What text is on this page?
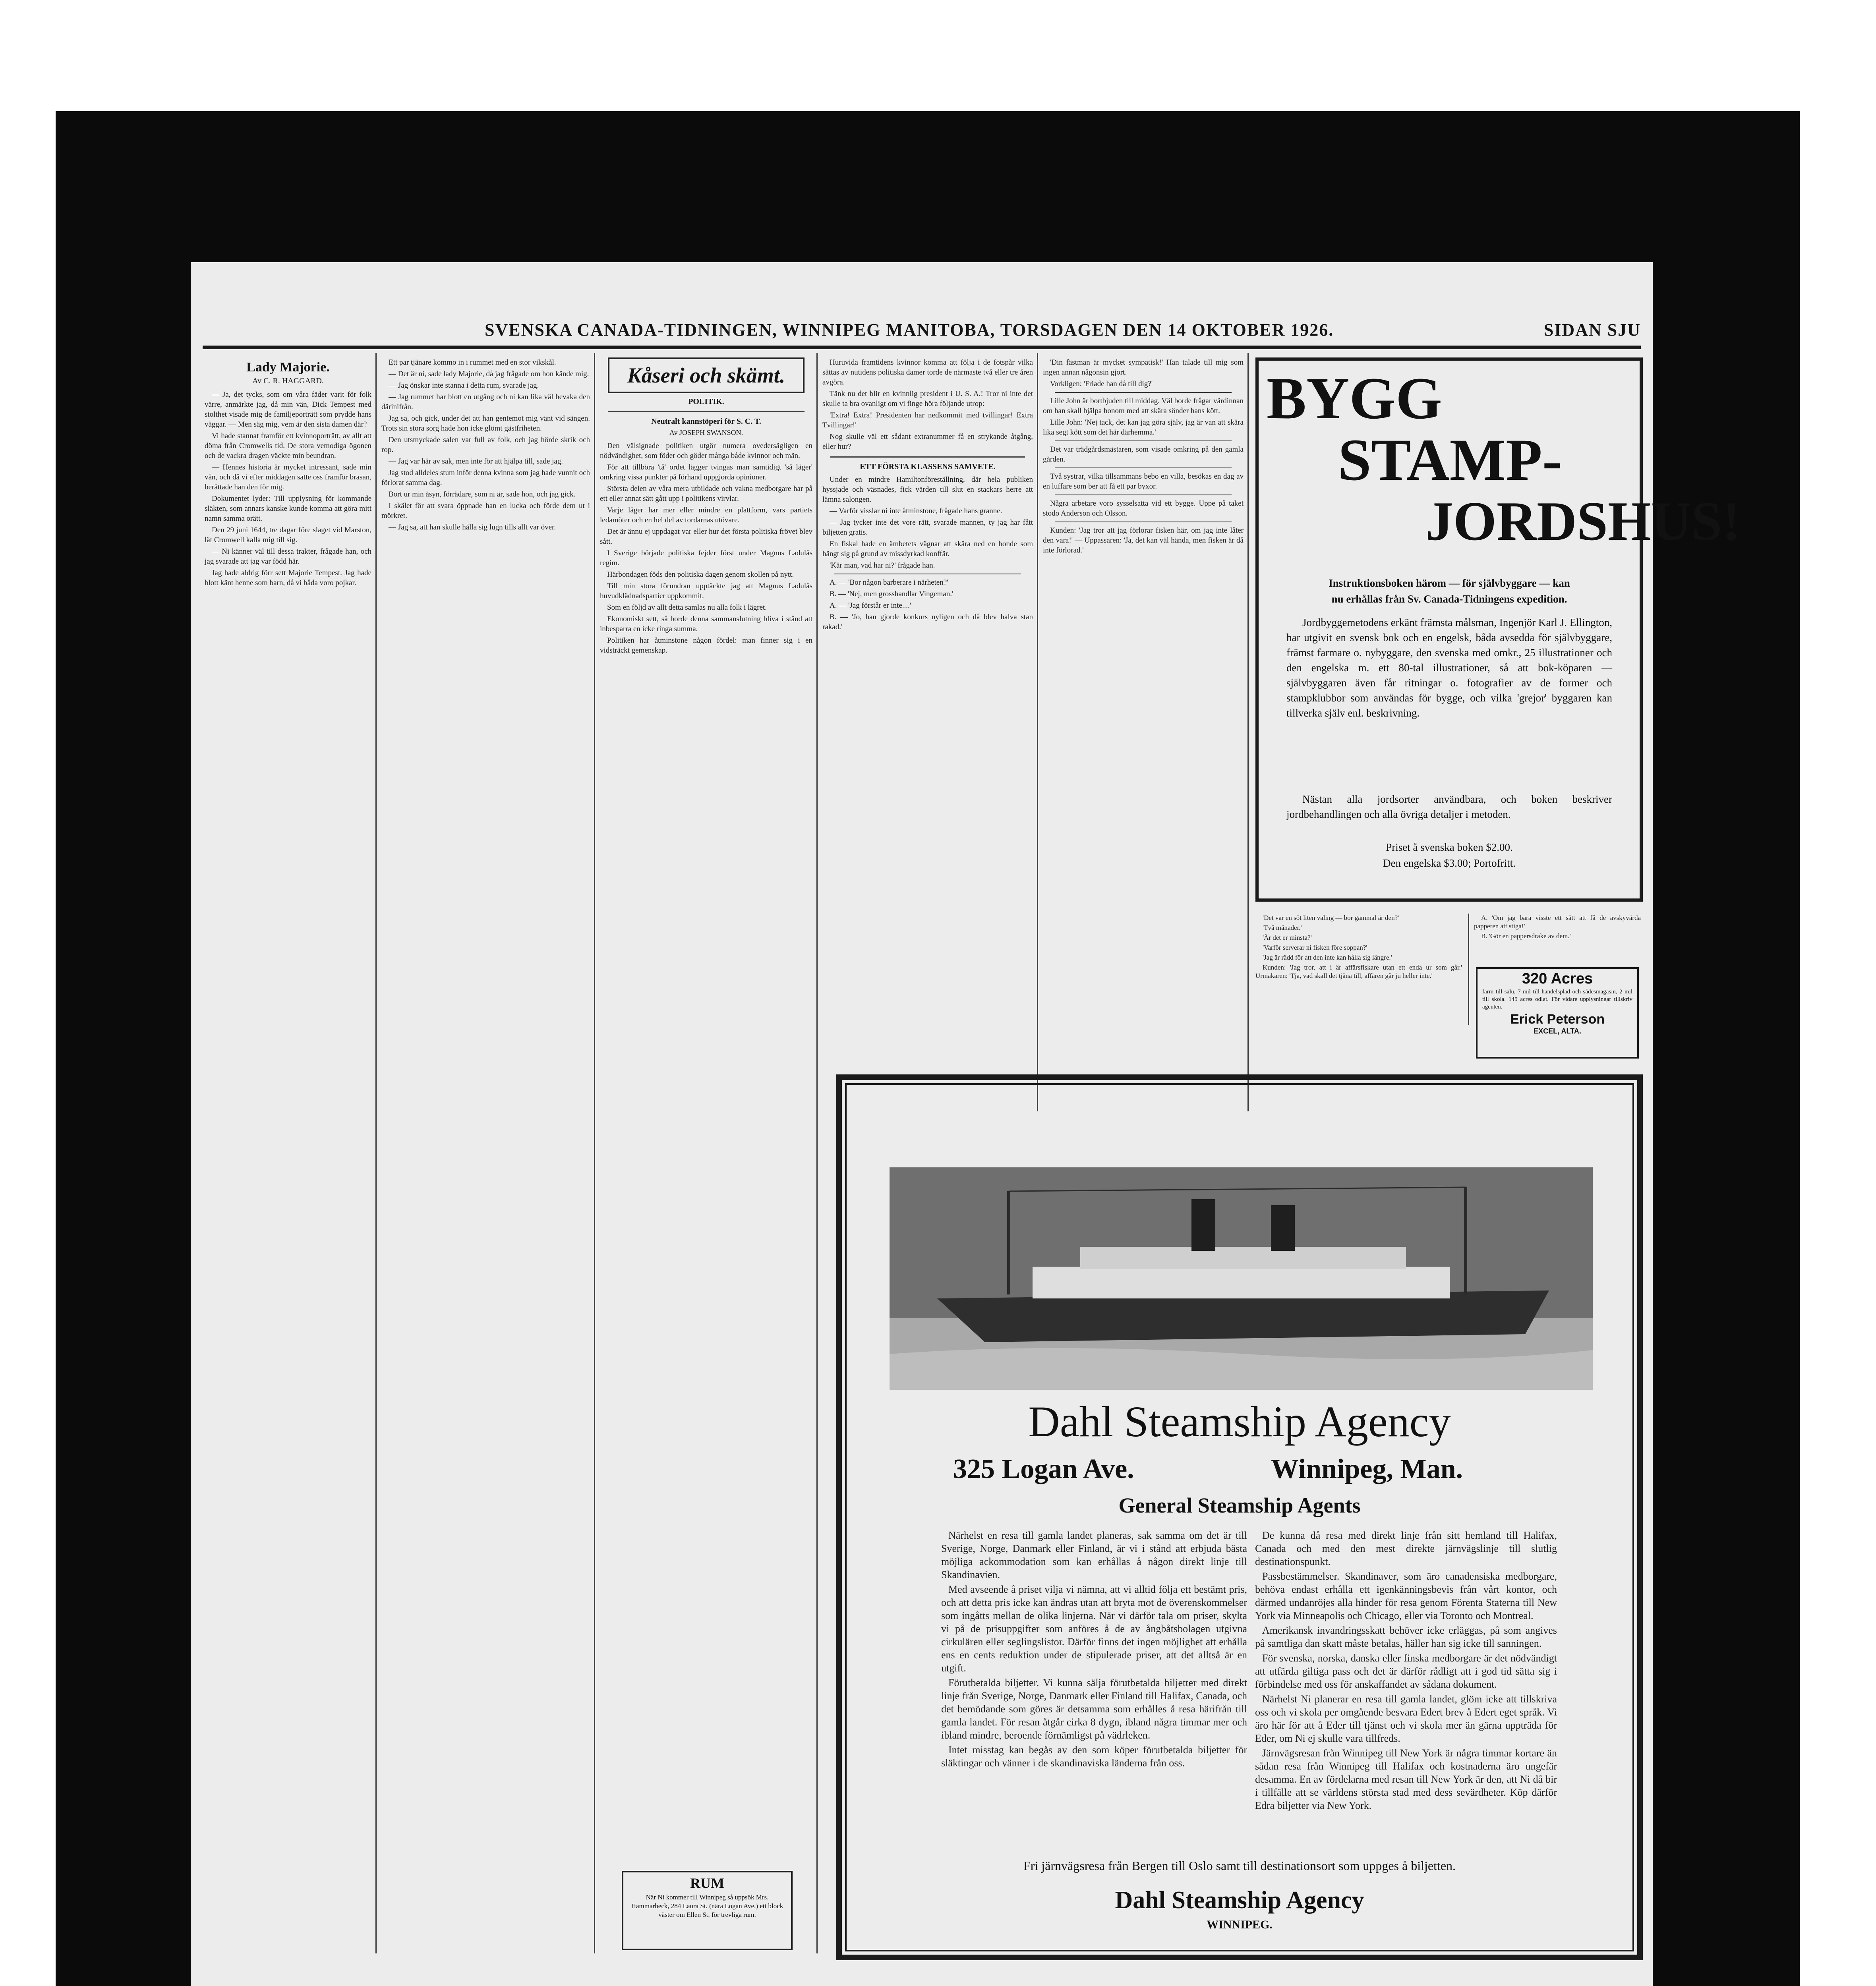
SVENSKA CANADA-TIDNINGEN, WINNIPEG MANITOBA, TORSDAGEN DEN 14 OKTOBER 1926.	SIDAN SJU
Lady Majorie.
Av C. R. HAGGARD.

— Ja, det tycks, som om våra fäder varit för folk värre, anmärkte jag, då min vän, Dick Tempest med stolthet visade mig de familjeporträtt som prydde hans väggar. — Men säg mig, vem är den sista damen där?

Vi hade stannat framför ett kvinnoporträtt, av allt att döma från Cromwells tid. De stora vemodiga ögonen och de vackra dragen väckte min beundran.

— Hennes historia är mycket intressant, sade min vän, och då vi efter middagen satte oss framför brasan, berättade han den för mig.

Dokumentet lyder: Till upplysning för kommande släkten, som annars kanske kunde komma att göra mitt namn samma orätt.

Den 29 juni 1644, tre dagar före slaget vid Marston, lät Cromwell kalla mig till sig.

— Ni känner väl till dessa trakter, frågade han, och jag svarade att jag var född här.

Jag hade aldrig förr sett Majorie Tempest. Jag hade blott känt henne som barn, då vi båda voro pojkar.

Ett par tjänare kommo in i rummet med en stor vikskål.

— Det är ni, sade lady Majorie, då jag frågade om hon kände mig.

— Jag önskar inte stanna i detta rum, svarade jag.

— Jag rummet har blott en utgång och ni kan lika väl bevaka den därinifrån.

Jag sa, och gick, under det att han gentemot mig vänt vid sängen. Trots sin stora sorg hade hon icke glömt gästfriheten.

Den utsmyckade salen var full av folk, och jag hörde skrik och rop.

— Jag var här av sak, men inte för att hjälpa till, sade jag.

Jag stod alldeles stum inför denna kvinna som jag hade vunnit och förlorat samma dag.

Bort ur min åsyn, förrädare, som ni är, sade hon, och jag gick.

I skälet för att svara öppnade han en lucka och förde dem ut i mörkret.

— Jag sa, att han skulle hålla sig lugn tills allt var över.

Kåseri och skämt.
POLITIK.
Neutralt kannstöperi för S. C. T.
Av JOSEPH SWANSON.

Den välsignade politiken utgör numera ovedersägligen en nödvändighet, som föder och göder många både kvinnor och män.

För att tillböra 'tå' ordet lägger tvingas man samtidigt 'så läger' omkring vissa punkter på förhand uppgjorda opinioner.

Största delen av våra mera utbildade och vakna medborgare har på ett eller annat sätt gått upp i politikens virvlar.

Varje läger har mer eller mindre en plattform, vars partiets ledamöter och en hel del av tordarnas utövare.

Det är ännu ej uppdagat var eller hur det första politiska frövet blev sått.

I Sverige började politiska fejder först under Magnus Ladulås regim.

Härbondagen föds den politiska dagen genom skollen på nytt.

Till min stora förundran upptäckte jag att Magnus Ladulås huvudklädnadspartier uppkommit.

Som en följd av allt detta samlas nu alla folk i lägret.

Ekonomiskt sett, så borde denna sammanslutning bliva i stånd att inbesparra en icke ringa summa.

Politiken har åtminstone någon fördel: man finner sig i en vidsträckt gemenskap.

RUM
När Ni kommer till Winnipeg så uppsök Mrs. Hammarbeck, 284 Laura St. (nära Logan Ave.) ett block väster om Ellen St. för trevliga rum.

Huruvida framtidens kvinnor komma att följa i de fotspår vilka sättas av nutidens politiska damer torde de närmaste två eller tre åren avgöra.

Tänk nu det blir en kvinnlig president i U. S. A.! Tror ni inte det skulle ta bra ovanligt om vi finge höra följande utrop:

'Extra! Extra! Presidenten har nedkommit med tvillingar! Extra Tvillingar!'

Nog skulle väl ett sådant extranummer få en strykande åtgång, eller hur?

ETT FÖRSTA KLASSENS SAMVETE.

Under en mindre Hamiltonföreställning, där hela publiken hyssjade och väsnades, fick värden till slut en stackars herre att lämna salongen.

— Varför visslar ni inte åtminstone, frågade hans granne.

— Jag tycker inte det vore rätt, svarade mannen, ty jag har fått biljetten gratis.

En fiskal hade en ämbetets vägnar att skära ned en bonde som hängt sig på grund av missdyrkad konffär.

'Kär man, vad har ni?' frågade han.

A. — 'Bor någon barberare i närheten?'

B. — 'Nej, men grosshandlar Vingeman.'

A. — 'Jag förstår er inte....'

B. — 'Jo, han gjorde konkurs nyligen och då blev halva stan rakad.'

'Din fästman är mycket sympatisk!' Han talade till mig som ingen annan någonsin gjort.

Vorkligen: 'Friade han då till dig?'

Lille John är bortbjuden till middag. Väl borde frågar värdinnan om han skall hjälpa honom med att skära sönder hans kött.

Lille John: 'Nej tack, det kan jag göra själv, jag är van att skära lika segt kött som det här därhemma.'

Det var trädgårdsmästaren, som visade omkring på den gamla gården.

Två systrar, vilka tillsammans bebo en villa, besökas en dag av en luffare som ber att få ett par byxor.

Några arbetare voro sysselsatta vid ett bygge. Uppe på taket stodo Anderson och Olsson.

Kunden: 'Jag tror att jag förlorar fisken här, om jag inte låter den vara!' — Uppassaren: 'Ja, det kan väl hända, men fisken är då inte förlorad.'

BYGG
STAMP-
JORDSHUS!
Instruktionsboken härom — för självbyggare — kan
nu erhållas från Sv. Canada-Tidningens expedition.
Jordbyggemetodens erkänt främsta målsman, Ingenjör Karl J. Ellington, har utgivit en svensk bok och en engelsk, båda avsedda för självbyggare, främst farmare o. nybyggare, den svenska med omkr., 25 illustrationer och den engelska m. ett 80-tal illustrationer, så att bok-köparen — självbyggaren även får ritningar o. fotografier av de former och stampklubbor som användas för bygge, och vilka 'grejor' byggaren kan tillverka själv enl. beskrivning.
Nästan alla jordsorter användbara, och boken beskriver jordbehandlingen och alla övriga detaljer i metoden.
Priset å svenska boken $2.00.
Den engelska $3.00; Portofritt.

'Det var en söt liten valing — bor gammal är den?'

'Två månader.'

'Är det er minsta?'

'Varför serverar ni fisken före soppan?'

'Jag är rädd för att den inte kan hålla sig längre.'

Kunden: 'Jag tror, att i är affärsfiskare utan ett enda ur som går.' Urmakaren: 'Tja, vad skall det tjäna till, affären går ju heller inte.'

A. 'Om jag bara visste ett sätt att få de avskyvärda papperen att stiga!'

B. 'Gör en pappersdrake av dem.'

320 Acres
farm till salu, 7 mil till handelsplad och sådesmagasin, 2 mil till skola. 145 acres odlat. För vidare upplysningar tillskriv agenten.
Erick Peterson
EXCEL, ALTA.
Dahl Steamship Agency
325 Logan Ave.	Winnipeg, Man.
General Steamship Agents

Närhelst en resa till gamla landet planeras, sak samma om det är till Sverige, Norge, Danmark eller Finland, är vi i stånd att erbjuda bästa möjliga ackommodation som kan erhållas å någon direkt linje till Skandinavien.

Med avseende å priset vilja vi nämna, att vi alltid följa ett bestämt pris, och att detta pris icke kan ändras utan att bryta mot de överenskommelser som ingåtts mellan de olika linjerna. När vi därför tala om priser, skylta vi på de prisuppgifter som anföres å de av ångbåtsbolagen utgivna cirkulären eller seglingslistor. Därför finns det ingen möjlighet att erhålla ens en cents reduktion under de stipulerade priser, att det alltså är en utgift.

Förutbetalda biljetter. Vi kunna sälja förutbetalda biljetter med direkt linje från Sverige, Norge, Danmark eller Finland till Halifax, Canada, och det bemödande som göres är detsamma som erhålles å resa härifrån till gamla landet. För resan åtgår cirka 8 dygn, ibland några timmar mer och ibland mindre, beroende förnämligst på vädrleken.

Intet misstag kan begås av den som köper förutbetalda biljetter för släktingar och vänner i de skandinaviska länderna från oss.

De kunna då resa med direkt linje från sitt hemland till Halifax, Canada och med den mest direkte järnvägslinje till slutlig destinationspunkt.

Passbestämmelser. Skandinaver, som äro canadensiska medborgare, behöva endast erhålla ett igenkänningsbevis från vårt kontor, och därmed undanröjes alla hinder för resa genom Förenta Staterna till New York via Minneapolis och Chicago, eller via Toronto och Montreal.

Amerikansk invandringsskatt behöver icke erläggas, på som angives på samtliga dan skatt måste betalas, häller han sig icke till sanningen.

För svenska, norska, danska eller finska medborgare är det nödvändigt att utfärda giltiga pass och det är därför rådligt att i god tid sätta sig i förbindelse med oss för anskaffandet av sådana dokument.

Närhelst Ni planerar en resa till gamla landet, glöm icke att tillskriva oss och vi skola per omgående besvara Edert brev å Edert eget språk. Vi äro här för att å Eder till tjänst och vi skola mer än gärna uppträda för Eder, om Ni ej skulle vara tillfreds.

Järnvägsresan från Winnipeg till New York är några timmar kortare än sådan resa från Winnipeg till Halifax och kostnaderna äro ungefär desamma. En av fördelarna med resan till New York är den, att Ni då bir i tillfälle att se världens största stad med dess sevärdheter. Köp därför Edra biljetter via New York.

Fri järnvägsresa från Bergen till Oslo samt till destinationsort som uppges å biljetten.
Dahl Steamship Agency
WINNIPEG.
